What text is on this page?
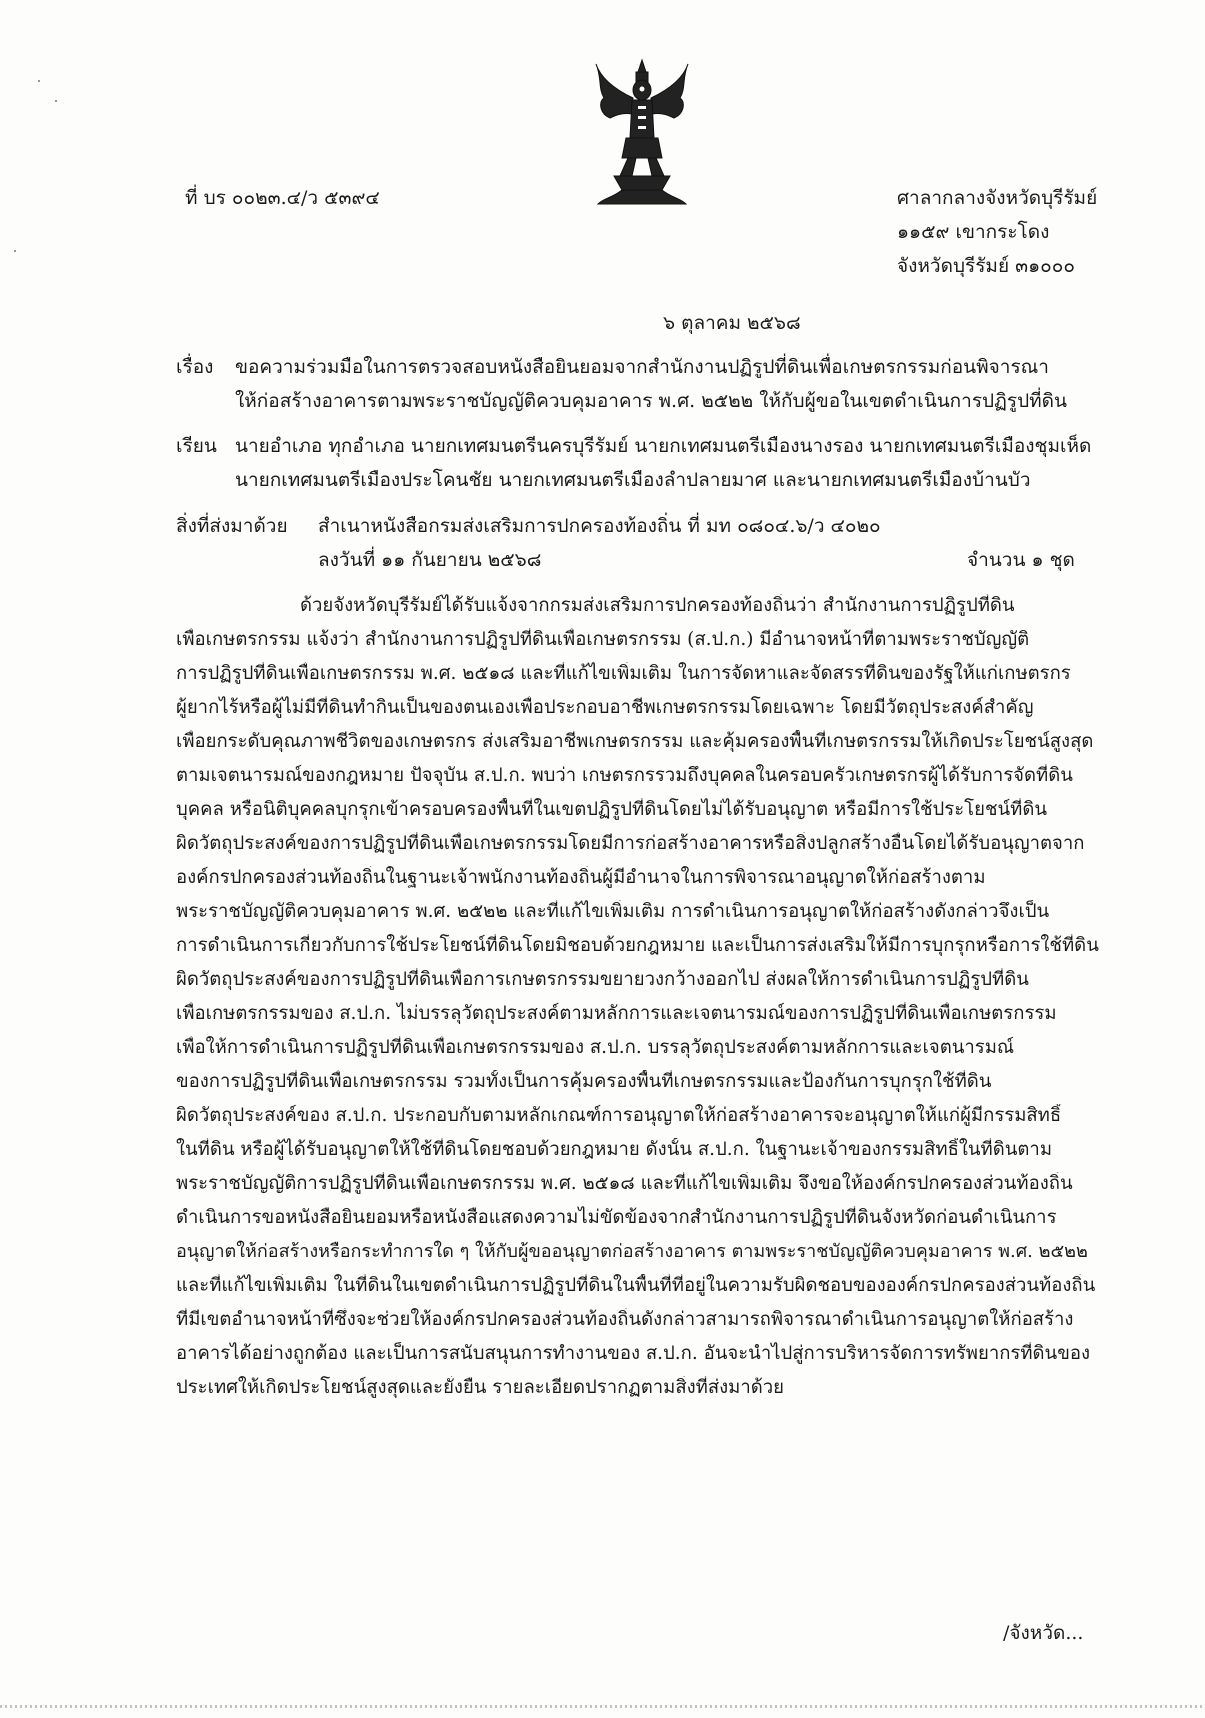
ที่ บร ๐๐๒๓.๔/ว ๕๓๙๔	ศาลากลางจังหวัดบุรีรัมย์
๑๑๕๙ เขากระโดง
จังหวัดบุรีรัมย์ ๓๑๐๐๐
๖ ตุลาคม ๒๕๖๘
เรื่อง ขอความร่วมมือในการตรวจสอบหนังสือยินยอมจากสำนักงานปฏิรูปที่ดินเพื่อเกษตรกรรมก่อนพิจารณา
ให้ก่อสร้างอาคารตามพระราชบัญญัติควบคุมอาคาร พ.ศ. ๒๕๒๒ ให้กับผู้ขอในเขตดำเนินการปฏิรูปที่ดิน
เรียน นายอำเภอ ทุกอำเภอ นายกเทศมนตรีนครบุรีรัมย์ นายกเทศมนตรีเมืองนางรอง นายกเทศมนตรีเมืองชุมเห็ด
นายกเทศมนตรีเมืองประโคนชัย นายกเทศมนตรีเมืองลำปลายมาศ และนายกเทศมนตรีเมืองบ้านบัว
สิ่งที่ส่งมาด้วย สำเนาหนังสือกรมส่งเสริมการปกครองท้องถิ่น ที่ มท ๐๘๐๔.๖/ว ๔๐๒๐
ลงวันที่ ๑๑ กันยายน ๒๕๖๘	จำนวน ๑ ชุด
ด้วยจังหวัดบุรีรัมย์ได้รับแจ้งจากกรมส่งเสริมการปกครองท้องถิ่นว่า สำนักงานการปฏิรูปที่ดิน
เพื่อเกษตรกรรม แจ้งว่า สำนักงานการปฏิรูปที่ดินเพื่อเกษตรกรรม (ส.ป.ก.) มีอำนาจหน้าที่ตามพระราชบัญญัติ
การปฏิรูปที่ดินเพื่อเกษตรกรรม พ.ศ. ๒๕๑๘ และที่แก้ไขเพิ่มเติม ในการจัดหาและจัดสรรที่ดินของรัฐให้แก่เกษตรกร
ผู้ยากไร้หรือผู้ไม่มีที่ดินทำกินเป็นของตนเองเพื่อประกอบอาชีพเกษตรกรรมโดยเฉพาะ โดยมีวัตถุประสงค์สำคัญ
เพื่อยกระดับคุณภาพชีวิตของเกษตรกร ส่งเสริมอาชีพเกษตรกรรม และคุ้มครองพื้นที่เกษตรกรรมให้เกิดประโยชน์สูงสุด
ตามเจตนารมณ์ของกฎหมาย ปัจจุบัน ส.ป.ก. พบว่า เกษตรกรรวมถึงบุคคลในครอบครัวเกษตรกรผู้ได้รับการจัดที่ดิน
บุคคล หรือนิติบุคคลบุกรุกเข้าครอบครองพื้นที่ในเขตปฏิรูปที่ดินโดยไม่ได้รับอนุญาต หรือมีการใช้ประโยชน์ที่ดิน
ผิดวัตถุประสงค์ของการปฏิรูปที่ดินเพื่อเกษตรกรรมโดยมีการก่อสร้างอาคารหรือสิ่งปลูกสร้างอื่นโดยได้รับอนุญาตจาก
องค์กรปกครองส่วนท้องถิ่นในฐานะเจ้าพนักงานท้องถิ่นผู้มีอำนาจในการพิจารณาอนุญาตให้ก่อสร้างตาม
พระราชบัญญัติควบคุมอาคาร พ.ศ. ๒๕๒๒ และที่แก้ไขเพิ่มเติม การดำเนินการอนุญาตให้ก่อสร้างดังกล่าวจึงเป็น
การดำเนินการเกี่ยวกับการใช้ประโยชน์ที่ดินโดยมิชอบด้วยกฎหมาย และเป็นการส่งเสริมให้มีการบุกรุกหรือการใช้ที่ดิน
ผิดวัตถุประสงค์ของการปฏิรูปที่ดินเพื่อการเกษตรกรรมขยายวงกว้างออกไป ส่งผลให้การดำเนินการปฏิรูปที่ดิน
เพื่อเกษตรกรรมของ ส.ป.ก. ไม่บรรลุวัตถุประสงค์ตามหลักการและเจตนารมณ์ของการปฏิรูปที่ดินเพื่อเกษตรกรรม
เพื่อให้การดำเนินการปฏิรูปที่ดินเพื่อเกษตรกรรมของ ส.ป.ก. บรรลุวัตถุประสงค์ตามหลักการและเจตนารมณ์
ของการปฏิรูปที่ดินเพื่อเกษตรกรรม รวมทั้งเป็นการคุ้มครองพื้นที่เกษตรกรรมและป้องกันการบุกรุกใช้ที่ดิน
ผิดวัตถุประสงค์ของ ส.ป.ก. ประกอบกับตามหลักเกณฑ์การอนุญาตให้ก่อสร้างอาคารจะอนุญาตให้แก่ผู้มีกรรมสิทธิ์
ในที่ดิน หรือผู้ได้รับอนุญาตให้ใช้ที่ดินโดยชอบด้วยกฎหมาย ดังนั้น ส.ป.ก. ในฐานะเจ้าของกรรมสิทธิ์ในที่ดินตาม
พระราชบัญญัติการปฏิรูปที่ดินเพื่อเกษตรกรรม พ.ศ. ๒๕๑๘ และที่แก้ไขเพิ่มเติม จึงขอให้องค์กรปกครองส่วนท้องถิ่น
ดำเนินการขอหนังสือยินยอมหรือหนังสือแสดงความไม่ขัดข้องจากสำนักงานการปฏิรูปที่ดินจังหวัดก่อนดำเนินการ
อนุญาตให้ก่อสร้างหรือกระทำการใด ๆ ให้กับผู้ขออนุญาตก่อสร้างอาคาร ตามพระราชบัญญัติควบคุมอาคาร พ.ศ. ๒๕๒๒
และที่แก้ไขเพิ่มเติม ในที่ดินในเขตดำเนินการปฏิรูปที่ดินในพื้นที่ที่อยู่ในความรับผิดชอบขององค์กรปกครองส่วนท้องถิ่น
ที่มีเขตอำนาจหน้าที่ซึ่งจะช่วยให้องค์กรปกครองส่วนท้องถิ่นดังกล่าวสามารถพิจารณาดำเนินการอนุญาตให้ก่อสร้าง
อาคารได้อย่างถูกต้อง และเป็นการสนับสนุนการทำงานของ ส.ป.ก. อันจะนำไปสู่การบริหารจัดการทรัพยากรที่ดินของ
ประเทศให้เกิดประโยชน์สูงสุดและยั่งยืน รายละเอียดปรากฏตามสิ่งที่ส่งมาด้วย
/จังหวัด...
